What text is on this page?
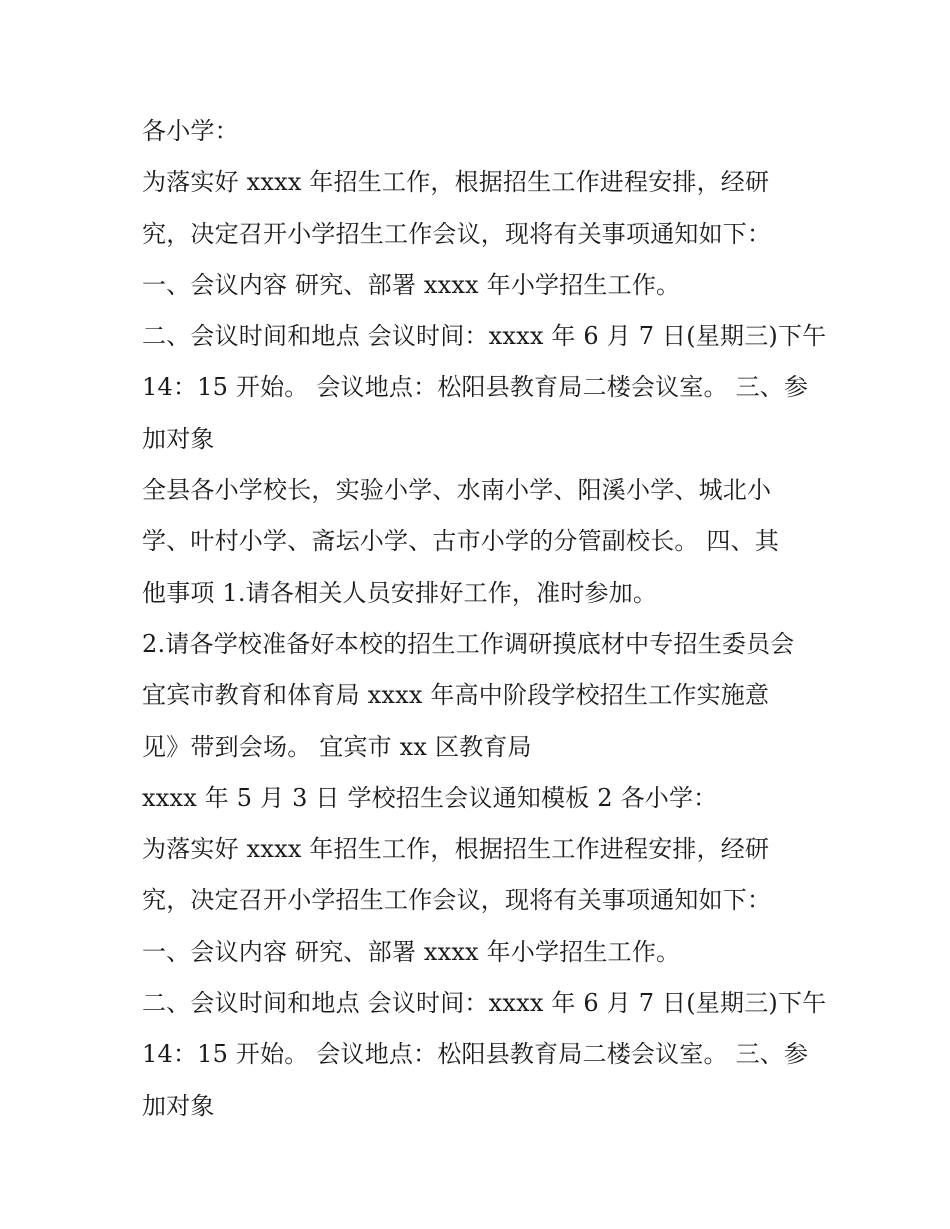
各小学：
为落实好 xxxx 年招生工作，根据招生工作进程安排，经研
究，决定召开小学招生工作会议，现将有关事项通知如下：
一、会议内容 研究、部署 xxxx 年小学招生工作。
二、会议时间和地点 会议时间：xxxx 年 6 月 7 日(星期三)下午
14：15 开始。 会议地点：松阳县教育局二楼会议室。 三、参
加对象
全县各小学校长，实验小学、水南小学、阳溪小学、城北小
学、叶村小学、斋坛小学、古市小学的分管副校长。 四、其
他事项 1.请各相关人员安排好工作，准时参加。
2.请各学校准备好本校的招生工作调研摸底材中专招生委员会
宜宾市教育和体育局 xxxx 年高中阶段学校招生工作实施意
见》带到会场。 宜宾市 xx 区教育局
xxxx 年 5 月 3 日 学校招生会议通知模板 2 各小学：
为落实好 xxxx 年招生工作，根据招生工作进程安排，经研
究，决定召开小学招生工作会议，现将有关事项通知如下：
一、会议内容 研究、部署 xxxx 年小学招生工作。
二、会议时间和地点 会议时间：xxxx 年 6 月 7 日(星期三)下午
14：15 开始。 会议地点：松阳县教育局二楼会议室。 三、参
加对象
